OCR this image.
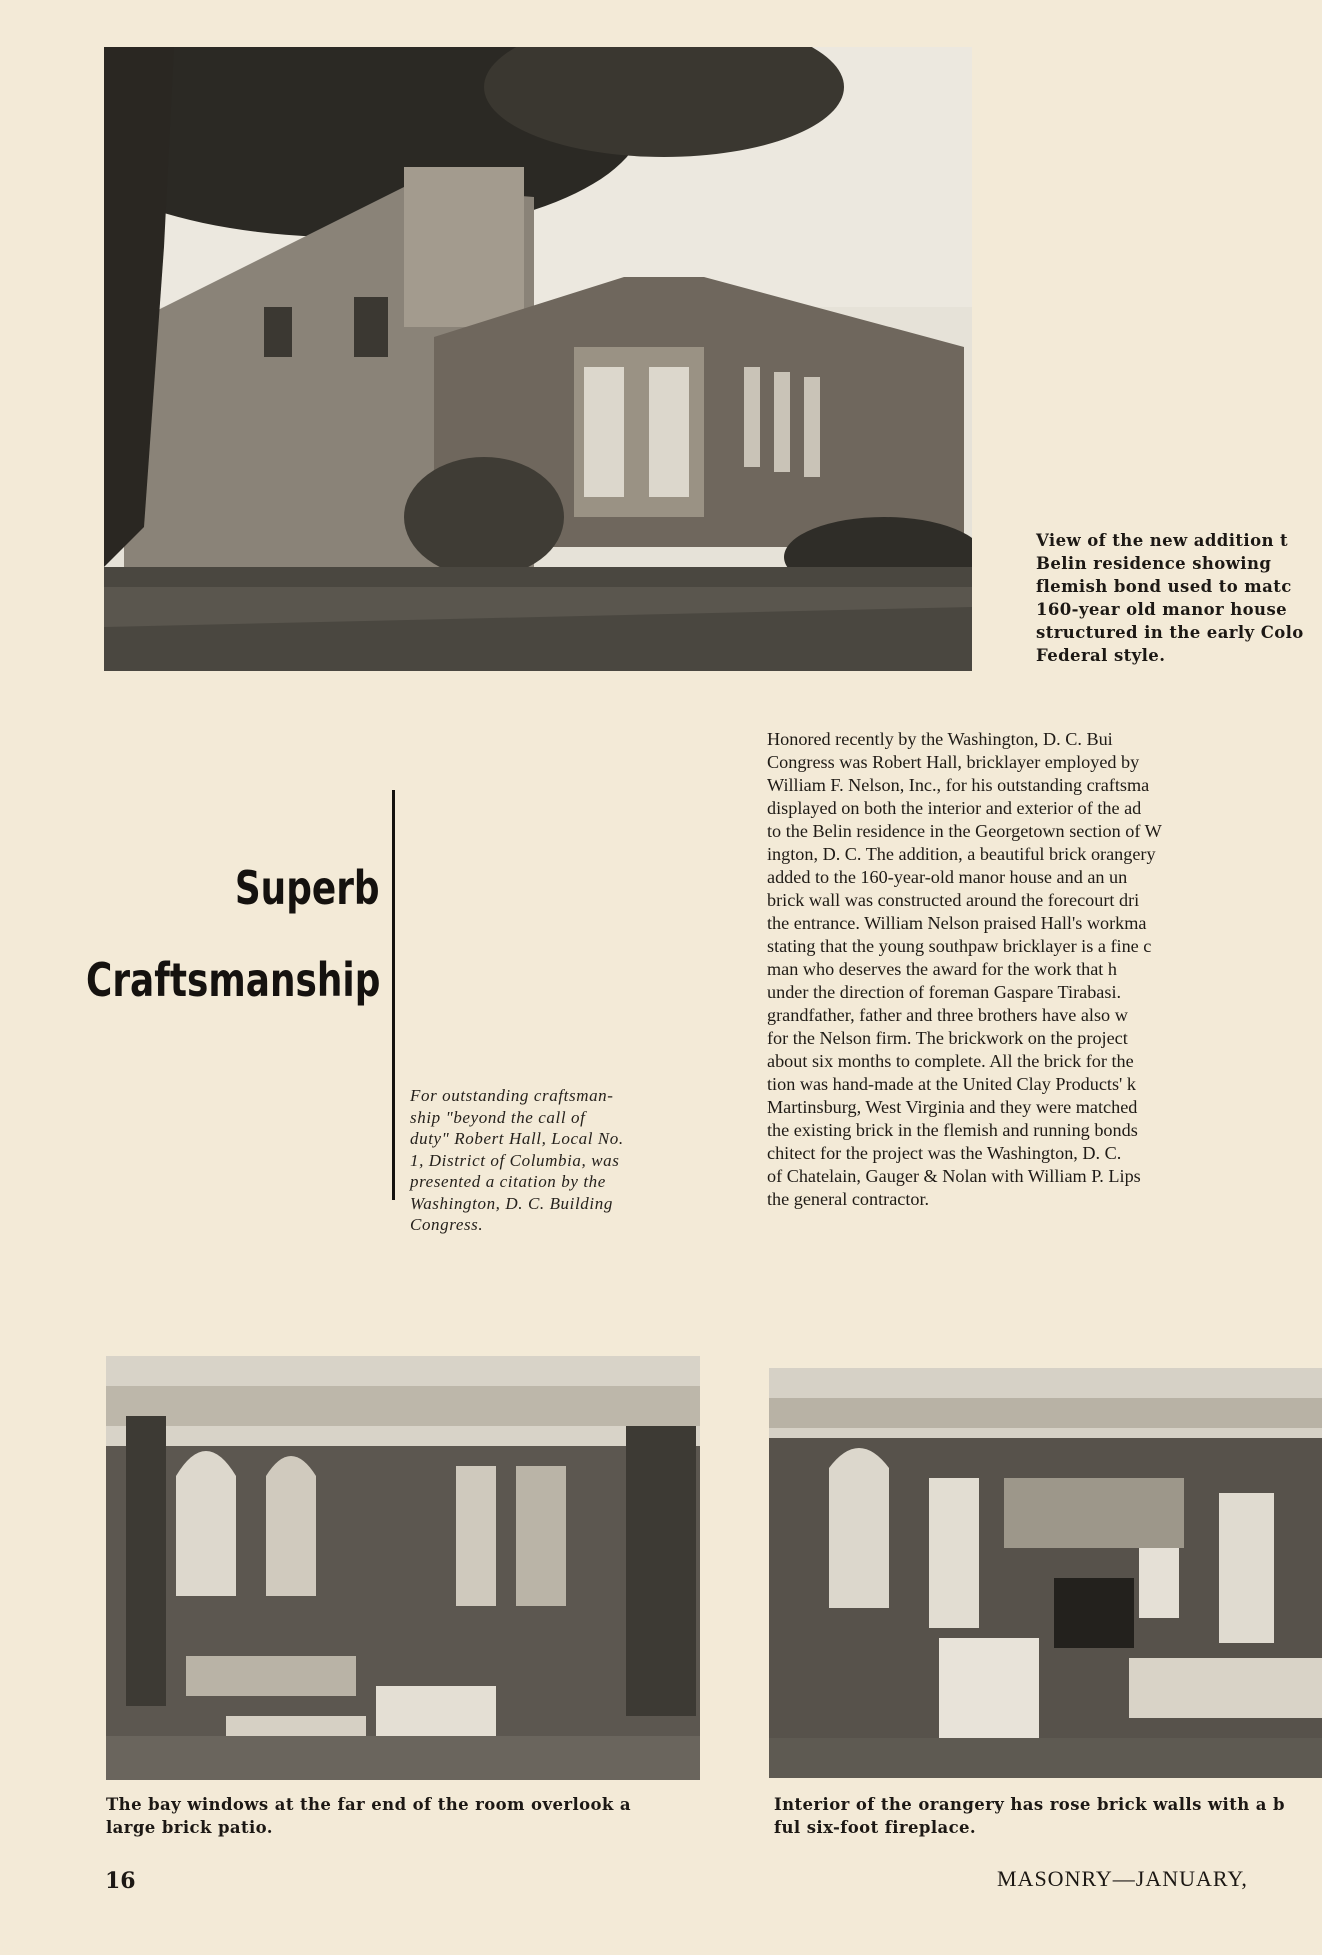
View of the new addition t
Belin residence showing
flemish bond used to matc
160-year old manor house
structured in the early Colo
Federal style.
Superb
Craftsmanship
For outstanding craftsman-
ship "beyond the call of
duty" Robert Hall, Local No.
1, District of Columbia, was
presented a citation by the
Washington, D. C. Building
Congress.
Honored recently by the Washington, D. C. Bui
Congress was Robert Hall, bricklayer employed by
William F. Nelson, Inc., for his outstanding craftsma
displayed on both the interior and exterior of the ad
to the Belin residence in the Georgetown section of W
ington, D. C. The addition, a beautiful brick orangery
added to the 160-year-old manor house and an un
brick wall was constructed around the forecourt dri
the entrance. William Nelson praised Hall's workma
stating that the young southpaw bricklayer is a fine c
man who deserves the award for the work that h
under the direction of foreman Gaspare Tirabasi.
grandfather, father and three brothers have also w
for the Nelson firm. The brickwork on the project
about six months to complete. All the brick for the
tion was hand-made at the United Clay Products' k
Martinsburg, West Virginia and they were matched
the existing brick in the flemish and running bonds
chitect for the project was the Washington, D. C.
of Chatelain, Gauger & Nolan with William P. Lips
the general contractor.
The bay windows at the far end of the room overlook a
large brick patio.
Interior of the orangery has rose brick walls with a b
ful six-foot fireplace.
16	MASONRY—JANUARY,
